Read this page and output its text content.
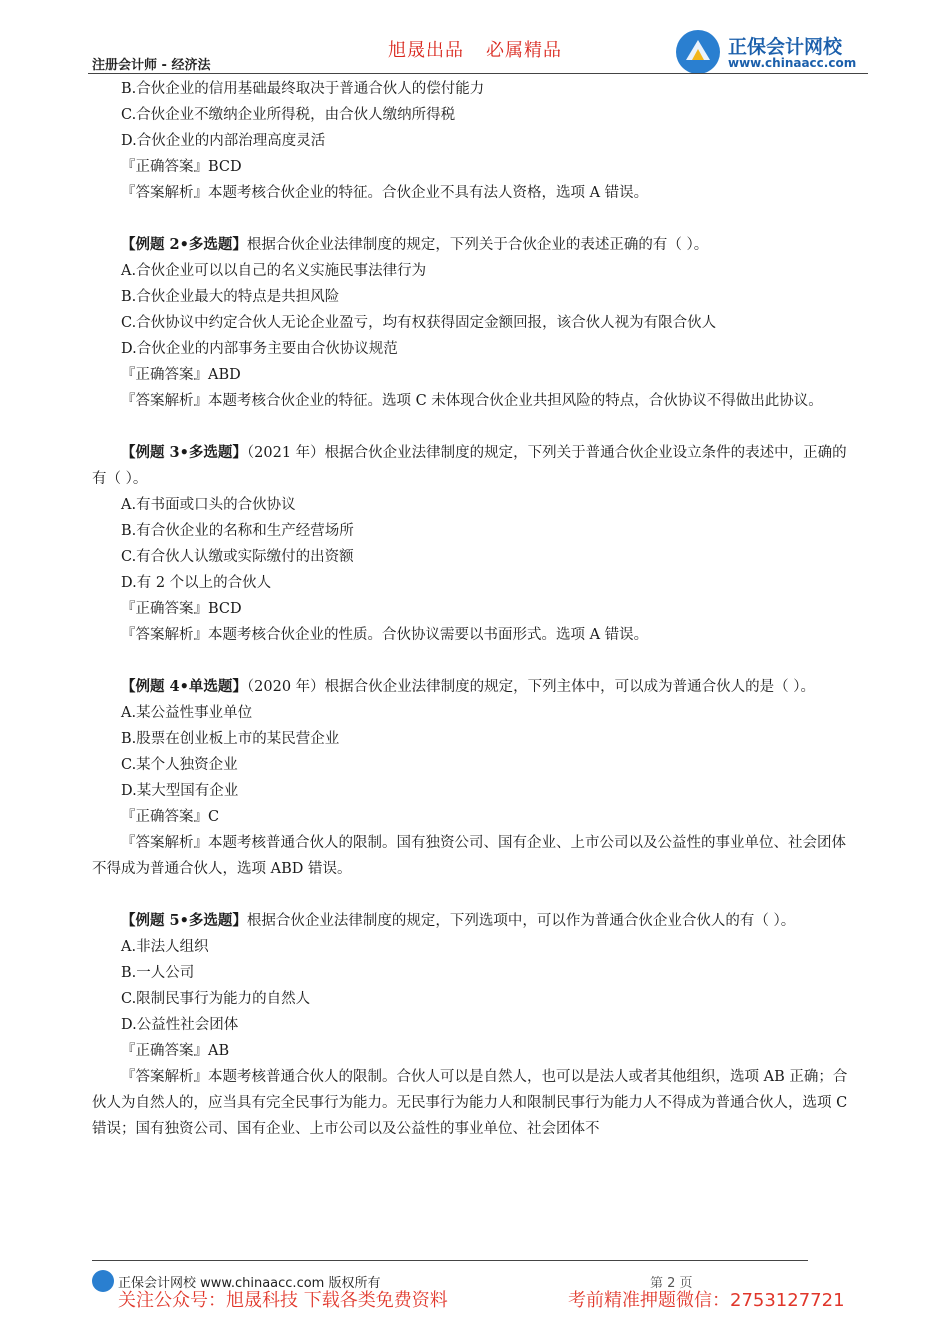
注册会计师 - 经济法
旭晟出品 必属精品	正保会计网校
www.chinaacc.com

B.合伙企业的信用基础最终取决于普通合伙人的偿付能力

C.合伙企业不缴纳企业所得税，由合伙人缴纳所得税

D.合伙企业的内部治理高度灵活

『正确答案』BCD

『答案解析』本题考核合伙企业的特征。合伙企业不具有法人资格，选项 A 错误。

【例题 2•多选题】根据合伙企业法律制度的规定，下列关于合伙企业的表述正确的有（ ）。

A.合伙企业可以以自己的名义实施民事法律行为

B.合伙企业最大的特点是共担风险

C.合伙协议中约定合伙人无论企业盈亏，均有权获得固定金额回报，该合伙人视为有限合伙人

D.合伙企业的内部事务主要由合伙协议规范

『正确答案』ABD

『答案解析』本题考核合伙企业的特征。选项 C 未体现合伙企业共担风险的特点，合伙协议不得做出此协议。

【例题 3•多选题】（2021 年）根据合伙企业法律制度的规定，下列关于普通合伙企业设立条件的表述中，正确的有（ ）。

A.有书面或口头的合伙协议

B.有合伙企业的名称和生产经营场所

C.有合伙人认缴或实际缴付的出资额

D.有 2 个以上的合伙人

『正确答案』BCD

『答案解析』本题考核合伙企业的性质。合伙协议需要以书面形式。选项 A 错误。

【例题 4•单选题】（2020 年）根据合伙企业法律制度的规定，下列主体中，可以成为普通合伙人的是（ ）。

A.某公益性事业单位

B.股票在创业板上市的某民营企业

C.某个人独资企业

D.某大型国有企业

『正确答案』C

『答案解析』本题考核普通合伙人的限制。国有独资公司、国有企业、上市公司以及公益性的事业单位、社会团体不得成为普通合伙人，选项 ABD 错误。

【例题 5•多选题】根据合伙企业法律制度的规定，下列选项中，可以作为普通合伙企业合伙人的有（ ）。

A.非法人组织

B.一人公司

C.限制民事行为能力的自然人

D.公益性社会团体

『正确答案』AB

『答案解析』本题考核普通合伙人的限制。合伙人可以是自然人，也可以是法人或者其他组织，选项 AB 正确；合伙人为自然人的，应当具有完全民事行为能力。无民事行为能力人和限制民事行为能力人不得成为普通合伙人，选项 C 错误；国有独资公司、国有企业、上市公司以及公益性的事业单位、社会团体不

正保会计网校 www.chinaacc.com 版权所有	第 2 页
关注公众号：旭晟科技 下载各类免费资料	考前精准押题微信：2753127721
